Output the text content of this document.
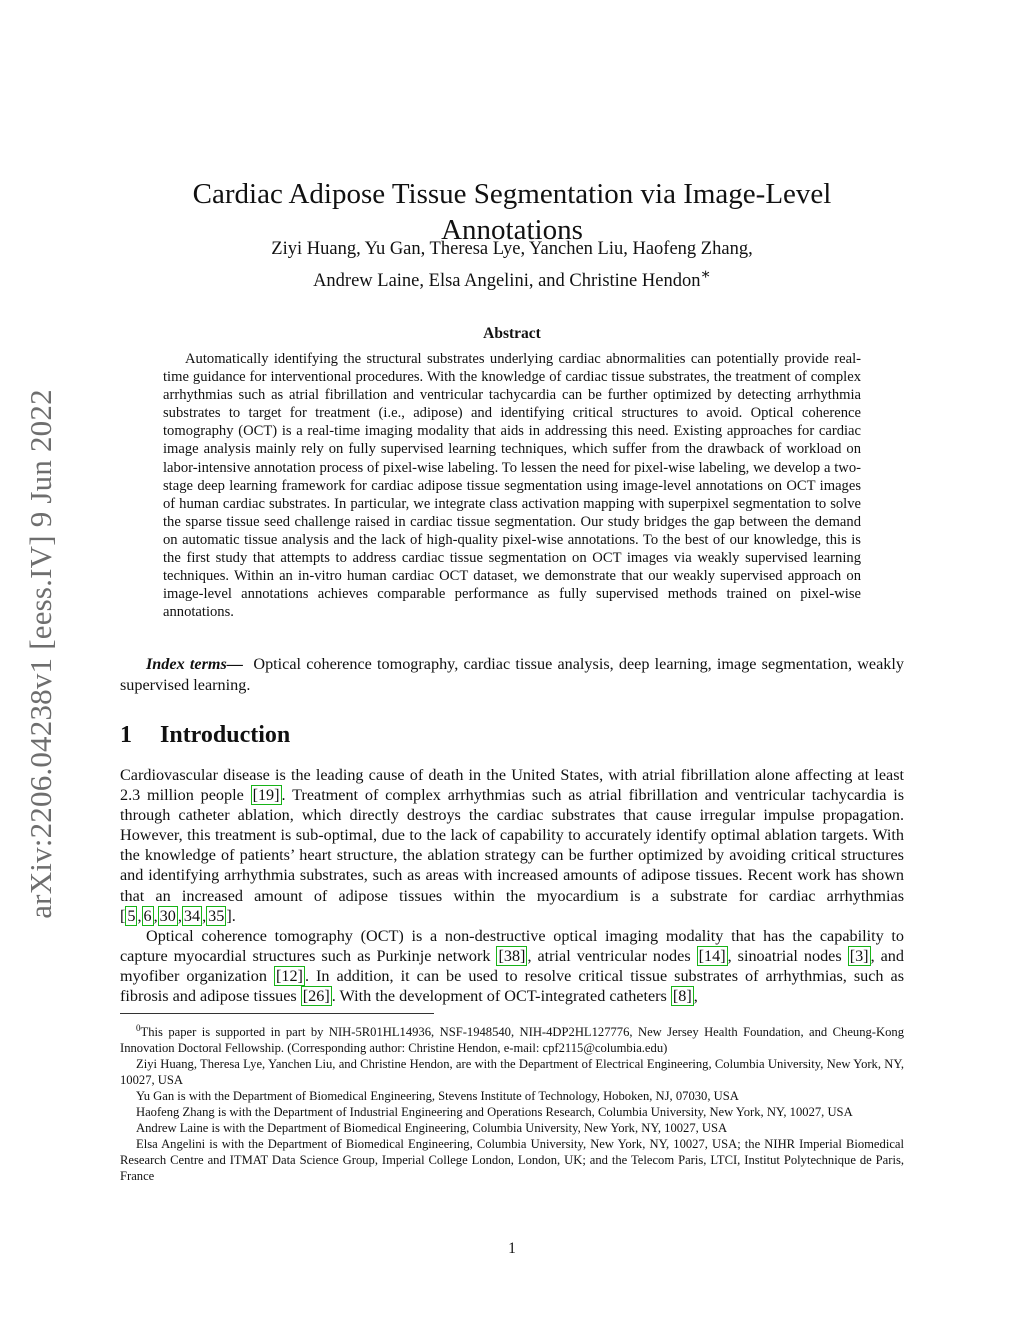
arXiv:2206.04238v1 [eess.IV] 9 Jun 2022
Cardiac Adipose Tissue Segmentation via Image-Level Annotations
Ziyi Huang, Yu Gan, Theresa Lye, Yanchen Liu, Haofeng Zhang,
Andrew Laine, Elsa Angelini, and Christine Hendon∗
Abstract

Automatically identifying the structural substrates underlying cardiac abnormalities can potentially provide real-time guidance for interventional procedures. With the knowledge of cardiac tissue substrates, the treatment of complex arrhythmias such as atrial fibrillation and ventricular tachycardia can be further optimized by detecting arrhythmia substrates to target for treatment (i.e., adipose) and identifying critical structures to avoid. Optical coherence tomography (OCT) is a real-time imaging modality that aids in addressing this need. Existing approaches for cardiac image analysis mainly rely on fully supervised learning techniques, which suffer from the drawback of workload on labor-intensive annotation process of pixel-wise labeling. To lessen the need for pixel-wise labeling, we develop a two-stage deep learning framework for cardiac adipose tissue segmentation using image-level annotations on OCT images of human cardiac substrates. In particular, we integrate class activation mapping with superpixel segmentation to solve the sparse tissue seed challenge raised in cardiac tissue segmentation. Our study bridges the gap between the demand on automatic tissue analysis and the lack of high-quality pixel-wise annotations. To the best of our knowledge, this is the first study that attempts to address cardiac tissue segmentation on OCT images via weakly supervised learning techniques. Within an in-vitro human cardiac OCT dataset, we demonstrate that our weakly supervised approach on image-level annotations achieves comparable performance as fully supervised methods trained on pixel-wise annotations.

Index terms— Optical coherence tomography, cardiac tissue analysis, deep learning, image segmentation, weakly supervised learning.

1 Introduction

Cardiovascular disease is the leading cause of death in the United States, with atrial fibrillation alone affecting at least 2.3 million people [19] . Treatment of complex arrhythmias such as atrial fibrillation and ventricular tachycardia is through catheter ablation, which directly destroys the cardiac substrates that cause irregular impulse propagation. However, this treatment is sub-optimal, due to the lack of capability to accurately identify optimal ablation targets. With the knowledge of patients’ heart structure, the ablation strategy can be further optimized by avoiding critical structures and identifying arrhythmia substrates, such as areas with increased amounts of adipose tissues. Recent work has shown that an increased amount of adipose tissues within the myocardium is a substrate for cardiac arrhythmias [ 5 , 6 , 30 , 34 , 35 ].

Optical coherence tomography (OCT) is a non-destructive optical imaging modality that has the capability to capture myocardial structures such as Purkinje network [38] , atrial ventricular nodes [14] , sinoatrial nodes [3] , and myofiber organization [12] . In addition, it can be used to resolve critical tissue substrates of arrhythmias, such as fibrosis and adipose tissues [26] . With the development of OCT-integrated catheters [8] ,

$^0$This paper is supported in part by NIH-5R01HL14936, NSF-1948540, NIH-4DP2HL127776, New Jersey Health Foundation, and Cheung-Kong Innovation Doctoral Fellowship. (Corresponding author: Christine Hendon, e-mail: cpf2115@columbia.edu)

Ziyi Huang, Theresa Lye, Yanchen Liu, and Christine Hendon, are with the Department of Electrical Engineering, Columbia University, New York, NY, 10027, USA

Yu Gan is with the Department of Biomedical Engineering, Stevens Institute of Technology, Hoboken, NJ, 07030, USA

Haofeng Zhang is with the Department of Industrial Engineering and Operations Research, Columbia University, New York, NY, 10027, USA

Andrew Laine is with the Department of Biomedical Engineering, Columbia University, New York, NY, 10027, USA

Elsa Angelini is with the Department of Biomedical Engineering, Columbia University, New York, NY, 10027, USA; the NIHR Imperial Biomedical Research Centre and ITMAT Data Science Group, Imperial College London, London, UK; and the Telecom Paris, LTCI, Institut Polytechnique de Paris, France

1
